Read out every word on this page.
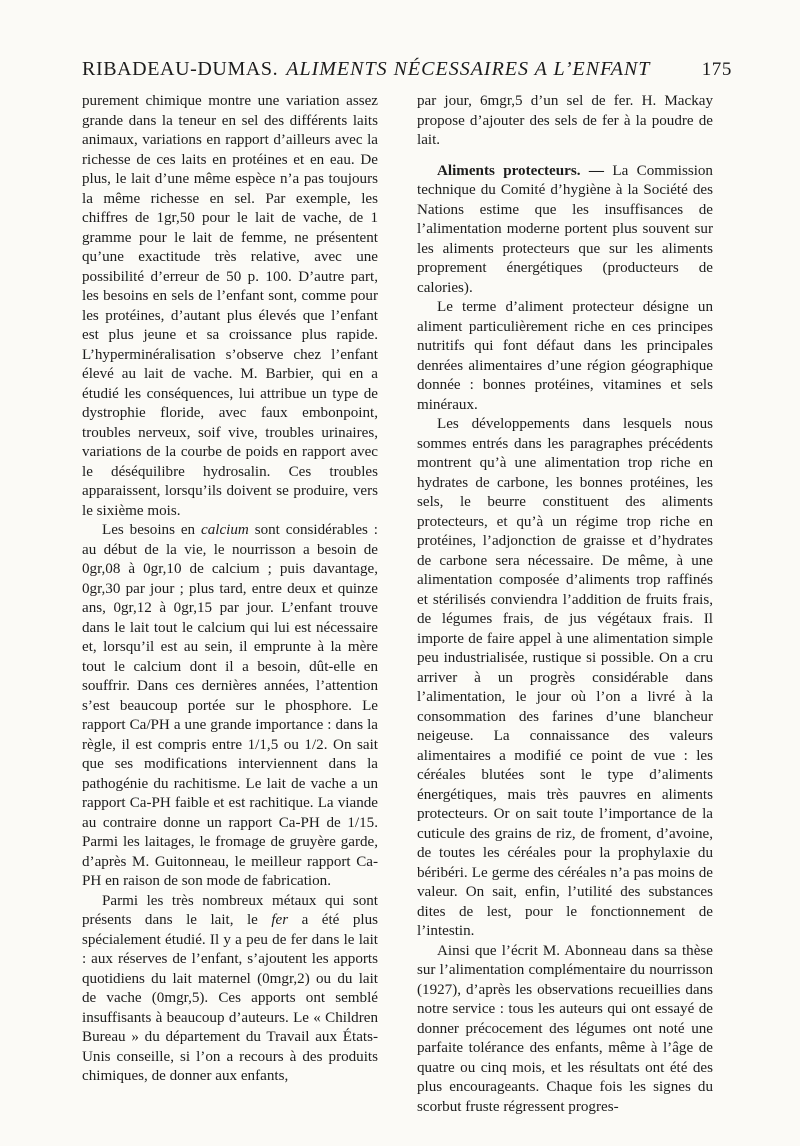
RIBADEAU-DUMAS. ALIMENTS NÉCESSAIRES A L’ENFANT	175

purement chimique montre une variation assez grande dans la teneur en sel des différents laits animaux, variations en rapport d’ailleurs avec la richesse de ces laits en protéines et en eau. De plus, le lait d’une même espèce n’a pas toujours la même richesse en sel. Par exemple, les chiffres de 1gr,50 pour le lait de vache, de 1 gramme pour le lait de femme, ne présentent qu’une exactitude très relative, avec une possibilité d’erreur de 50 p. 100. D’autre part, les besoins en sels de l’enfant sont, comme pour les protéines, d’autant plus élevés que l’enfant est plus jeune et sa croissance plus rapide. L’hyperminéralisation s’observe chez l’enfant élevé au lait de vache. M. Barbier, qui en a étudié les conséquences, lui attribue un type de dystrophie floride, avec faux embonpoint, troubles nerveux, soif vive, troubles urinaires, variations de la courbe de poids en rapport avec le déséquilibre hydrosalin. Ces troubles apparaissent, lorsqu’ils doivent se produire, vers le sixième mois.

Les besoins en calcium sont considérables : au début de la vie, le nourrisson a besoin de 0gr,08 à 0gr,10 de calcium ; puis davantage, 0gr,30 par jour ; plus tard, entre deux et quinze ans, 0gr,12 à 0gr,15 par jour. L’enfant trouve dans le lait tout le calcium qui lui est nécessaire et, lorsqu’il est au sein, il emprunte à la mère tout le calcium dont il a besoin, dût-elle en souffrir. Dans ces dernières années, l’attention s’est beaucoup portée sur le phosphore. Le rapport Ca/PH a une grande importance : dans la règle, il est compris entre 1/1,5 ou 1/2. On sait que ses modifications interviennent dans la pathogénie du rachitisme. Le lait de vache a un rapport Ca-PH faible et est rachitique. La viande au contraire donne un rapport Ca-PH de 1/15. Parmi les laitages, le fromage de gruyère garde, d’après M. Guitonneau, le meilleur rapport Ca-PH en raison de son mode de fabrication.

Parmi les très nombreux métaux qui sont présents dans le lait, le fer a été plus spécialement étudié. Il y a peu de fer dans le lait : aux réserves de l’enfant, s’ajoutent les apports quotidiens du lait maternel (0mgr,2) ou du lait de vache (0mgr,5). Ces apports ont semblé insuffisants à beaucoup d’auteurs. Le « Children Bureau » du département du Travail aux États-Unis conseille, si l’on a recours à des produits chimiques, de donner aux enfants,

par jour, 6mgr,5 d’un sel de fer. H. Mackay propose d’ajouter des sels de fer à la poudre de lait.

Aliments protecteurs. — La Commission technique du Comité d’hygiène à la Société des Nations estime que les insuffisances de l’alimentation moderne portent plus souvent sur les aliments protecteurs que sur les aliments proprement énergétiques (producteurs de calories).

Le terme d’aliment protecteur désigne un aliment particulièrement riche en ces principes nutritifs qui font défaut dans les principales denrées alimentaires d’une région géographique donnée : bonnes protéines, vitamines et sels minéraux.

Les développements dans lesquels nous sommes entrés dans les paragraphes précédents montrent qu’à une alimentation trop riche en hydrates de carbone, les bonnes protéines, les sels, le beurre constituent des aliments protecteurs, et qu’à un régime trop riche en protéines, l’adjonction de graisse et d’hydrates de carbone sera nécessaire. De même, à une alimentation composée d’aliments trop raffinés et stérilisés conviendra l’addition de fruits frais, de légumes frais, de jus végétaux frais. Il importe de faire appel à une alimentation simple peu industrialisée, rustique si possible. On a cru arriver à un progrès considérable dans l’alimentation, le jour où l’on a livré à la consommation des farines d’une blancheur neigeuse. La connaissance des valeurs alimentaires a modifié ce point de vue : les céréales blutées sont le type d’aliments énergétiques, mais très pauvres en aliments protecteurs. Or on sait toute l’importance de la cuticule des grains de riz, de froment, d’avoine, de toutes les céréales pour la prophylaxie du béribéri. Le germe des céréales n’a pas moins de valeur. On sait, enfin, l’utilité des substances dites de lest, pour le fonctionnement de l’intestin.

Ainsi que l’écrit M. Abonneau dans sa thèse sur l’alimentation complémentaire du nourrisson (1927), d’après les observations recueillies dans notre service : tous les auteurs qui ont essayé de donner précocement des légumes ont noté une parfaite tolérance des enfants, même à l’âge de quatre ou cinq mois, et les résultats ont été des plus encourageants. Chaque fois les signes du scorbut fruste régressent progres-
